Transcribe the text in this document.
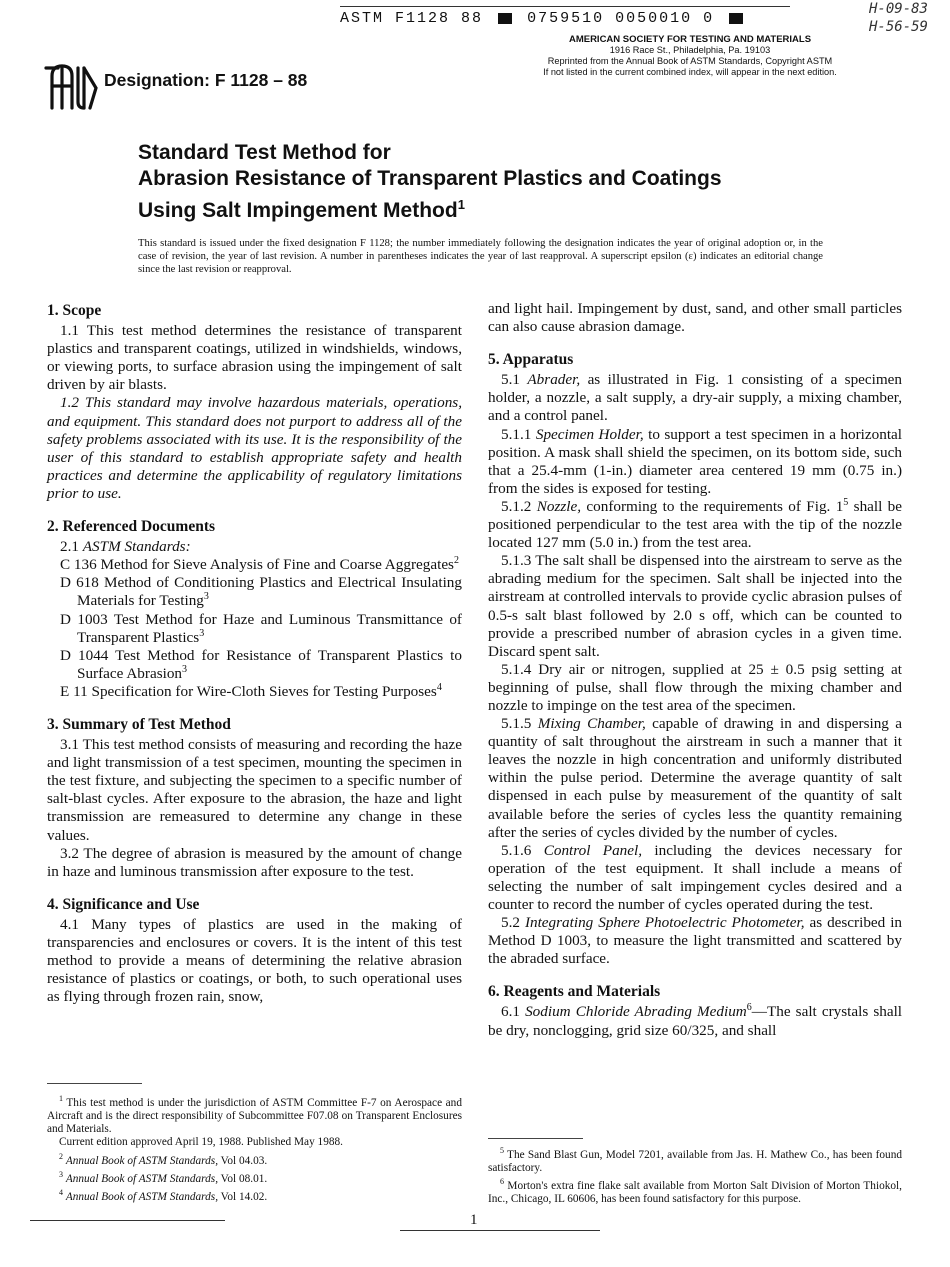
ASTM F1128 88	0759510 0050010 0
H-09-83
H-56-59
AMERICAN SOCIETY FOR TESTING AND MATERIALS
1916 Race St., Philadelphia, Pa. 19103
Reprinted from the Annual Book of ASTM Standards, Copyright ASTM
If not listed in the current combined index, will appear in the next edition.
Designation: F 1128 – 88
Standard Test Method for
Abrasion Resistance of Transparent Plastics and Coatings
Using Salt Impingement Method$^1$
This standard is issued under the fixed designation F 1128; the number immediately following the designation indicates the year of original adoption or, in the case of revision, the year of last revision. A number in parentheses indicates the year of last reapproval. A superscript epsilon (ε) indicates an editorial change since the last revision or reapproval.
1. Scope

1.1 This test method determines the resistance of transparent plastics and transparent coatings, utilized in windshields, windows, or viewing ports, to surface abrasion using the impingement of salt driven by air blasts.

1.2 This standard may involve hazardous materials, operations, and equipment. This standard does not purport to address all of the safety problems associated with its use. It is the responsibility of the user of this standard to establish appropriate safety and health practices and determine the applicability of regulatory limitations prior to use.

2. Referenced Documents

2.1 ASTM Standards:

C 136 Method for Sieve Analysis of Fine and Coarse Aggregates$^2$
D 618 Method of Conditioning Plastics and Electrical Insulating Materials for Testing$^3$
D 1003 Test Method for Haze and Luminous Transmittance of Transparent Plastics$^3$
D 1044 Test Method for Resistance of Transparent Plastics to Surface Abrasion$^3$
E 11 Specification for Wire-Cloth Sieves for Testing Purposes$^4$
3. Summary of Test Method

3.1 This test method consists of measuring and recording the haze and light transmission of a test specimen, mounting the specimen in the test fixture, and subjecting the specimen to a specific number of salt-blast cycles. After exposure to the abrasion, the haze and light transmission are remeasured to determine any change in these values.

3.2 The degree of abrasion is measured by the amount of change in haze and luminous transmission after exposure to the test.

4. Significance and Use

4.1 Many types of plastics are used in the making of transparencies and enclosures or covers. It is the intent of this test method to provide a means of determining the relative abrasion resistance of plastics or coatings, or both, to such operational uses as flying through frozen rain, snow,

and light hail. Impingement by dust, sand, and other small particles can also cause abrasion damage.

5. Apparatus

5.1 Abrader, as illustrated in Fig. 1 consisting of a specimen holder, a nozzle, a salt supply, a dry-air supply, a mixing chamber, and a control panel.

5.1.1 Specimen Holder, to support a test specimen in a horizontal position. A mask shall shield the specimen, on its bottom side, such that a 25.4-mm (1-in.) diameter area centered 19 mm (0.75 in.) from the sides is exposed for testing.

5.1.2 Nozzle, conforming to the requirements of Fig. $1^5$ shall be positioned perpendicular to the test area with the tip of the nozzle located 127 mm (5.0 in.) from the test area.

5.1.3 The salt shall be dispensed into the airstream to serve as the abrading medium for the specimen. Salt shall be injected into the airstream at controlled intervals to provide cyclic abrasion pulses of 0.5-s salt blast followed by 2.0 s off, which can be counted to provide a prescribed number of abrasion cycles in a given time. Discard spent salt.

5.1.4 Dry air or nitrogen, supplied at 25 ± 0.5 psig setting at beginning of pulse, shall flow through the mixing chamber and nozzle to impinge on the test area of the specimen.

5.1.5 Mixing Chamber, capable of drawing in and dispersing a quantity of salt throughout the airstream in such a manner that it leaves the nozzle in high concentration and uniformly distributed within the pulse period. Determine the average quantity of salt dispensed in each pulse by measurement of the quantity of salt available before the series of cycles less the quantity remaining after the series of cycles divided by the number of cycles.

5.1.6 Control Panel, including the devices necessary for operation of the test equipment. It shall include a means of selecting the number of salt impingement cycles desired and a counter to record the number of cycles operated during the test.

5.2 Integrating Sphere Photoelectric Photometer, as described in Method D 1003, to measure the light transmitted and scattered by the abraded surface.

6. Reagents and Materials

6.1 Sodium Chloride Abrading Medium$^6$—The salt crystals shall be dry, nonclogging, grid size 60/325, and shall

$^1$ This test method is under the jurisdiction of ASTM Committee F-7 on Aerospace and Aircraft and is the direct responsibility of Subcommittee F07.08 on Transparent Enclosures and Materials.

Current edition approved April 19, 1988. Published May 1988.

$^2$ Annual Book of ASTM Standards, Vol 04.03.

$^3$ Annual Book of ASTM Standards, Vol 08.01.

$^4$ Annual Book of ASTM Standards, Vol 14.02.

$^5$ The Sand Blast Gun, Model 7201, available from Jas. H. Mathew Co., has been found satisfactory.

$^6$ Morton's extra fine flake salt available from Morton Salt Division of Morton Thiokol, Inc., Chicago, IL 60606, has been found satisfactory for this purpose.

1
